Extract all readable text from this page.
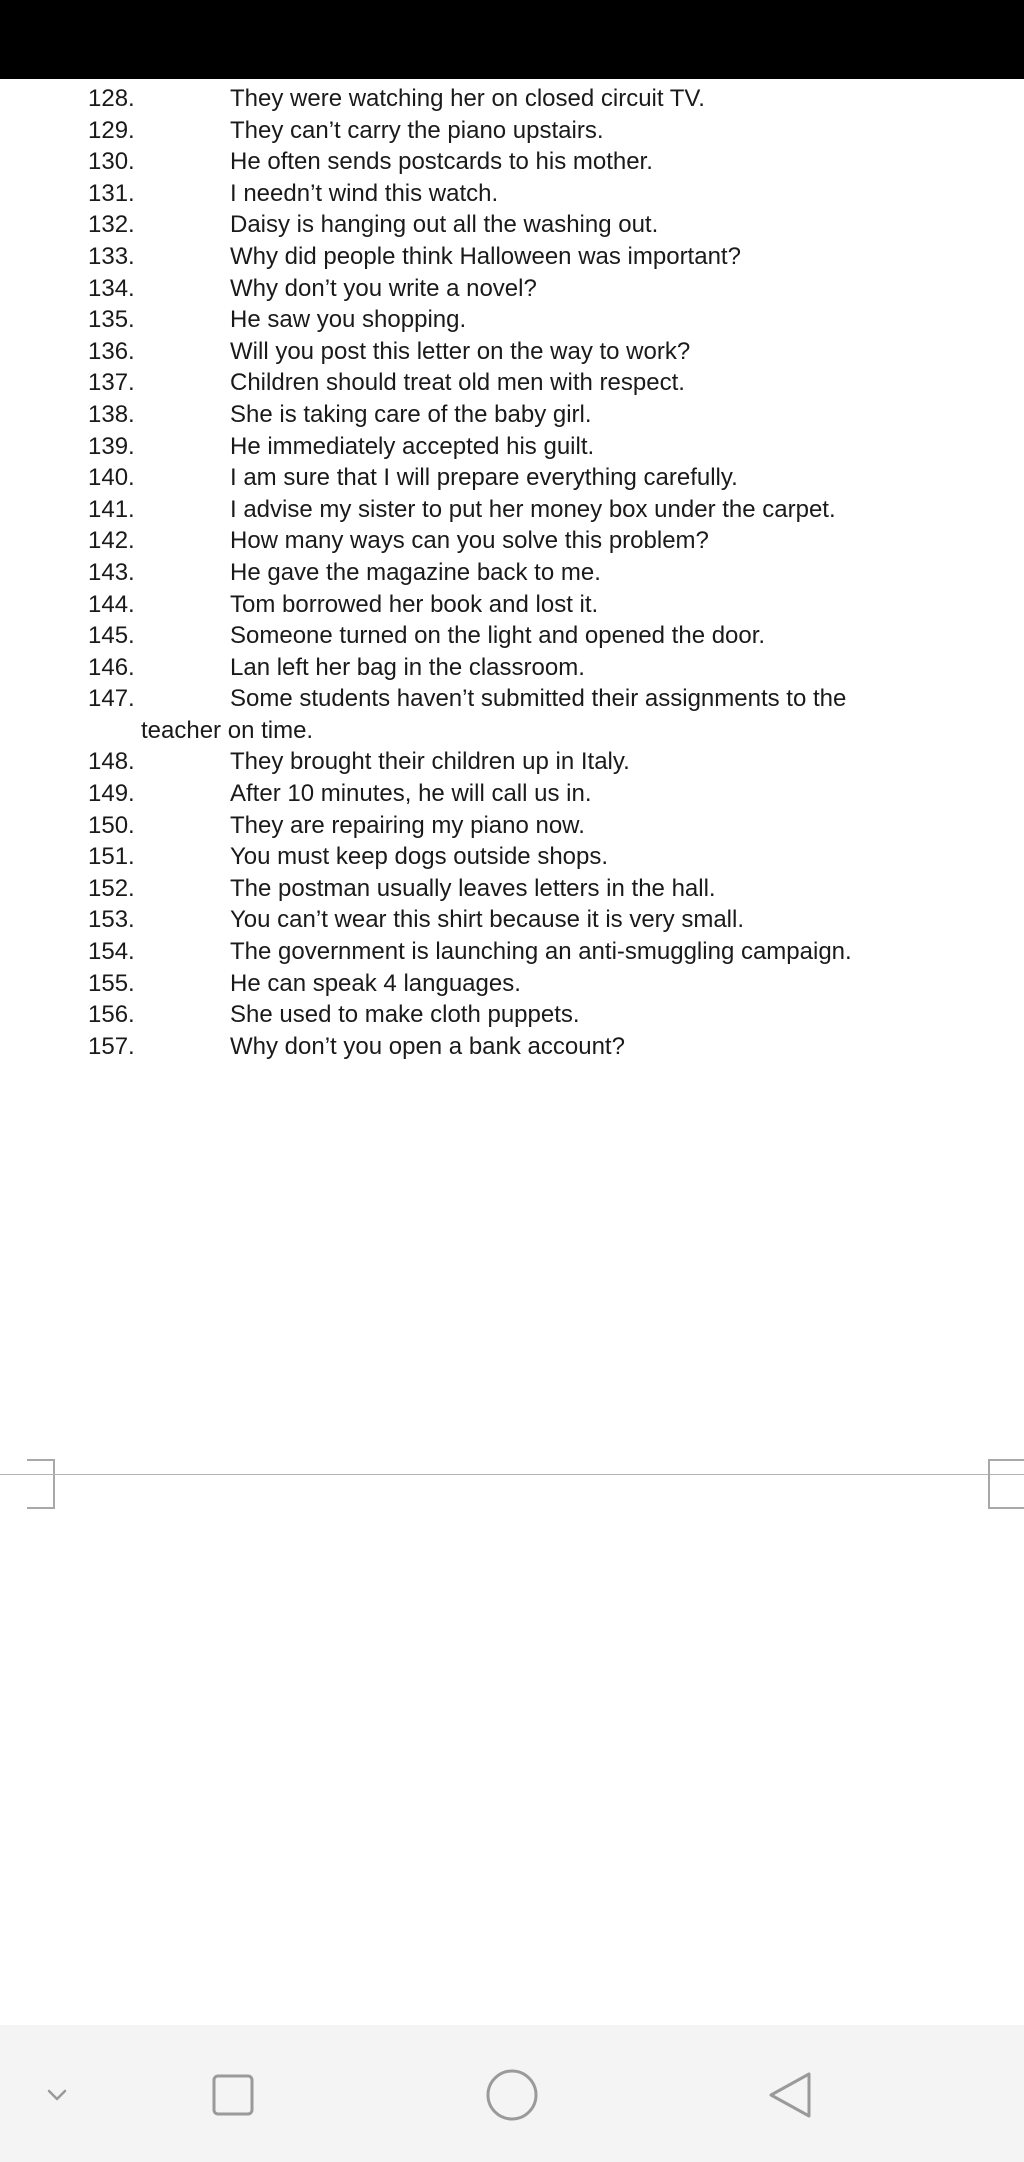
128.	They were watching her on closed circuit TV.
129.	They can’t carry the piano upstairs.
130.	He often sends postcards to his mother.
131.	I needn’t wind this watch.
132.	Daisy is hanging out all the washing out.
133.	Why did people think Halloween was important?
134.	Why don’t you write a novel?
135.	He saw you shopping.
136.	Will you post this letter on the way to work?
137.	Children should treat old men with respect.
138.	She is taking care of the baby girl.
139.	He immediately accepted his guilt.
140.	I am sure that I will prepare everything carefully.
141.	I advise my sister to put her money box under the carpet.
142.	How many ways can you solve this problem?
143.	He gave the magazine back to me.
144.	Tom borrowed her book and lost it.
145.	Someone turned on the light and opened the door.
146.	Lan left her bag in the classroom.
147.	Some students haven’t submitted their assignments to the
teacher on time.
148.	They brought their children up in Italy.
149.	After 10 minutes, he will call us in.
150.	They are repairing my piano now.
151.	You must keep dogs outside shops.
152.	The postman usually leaves letters in the hall.
153.	You can’t wear this shirt because it is very small.
154.	The government is launching an anti-smuggling campaign.
155.	He can speak 4 languages.
156.	She used to make cloth puppets.
157.	Why don’t you open a bank account?
